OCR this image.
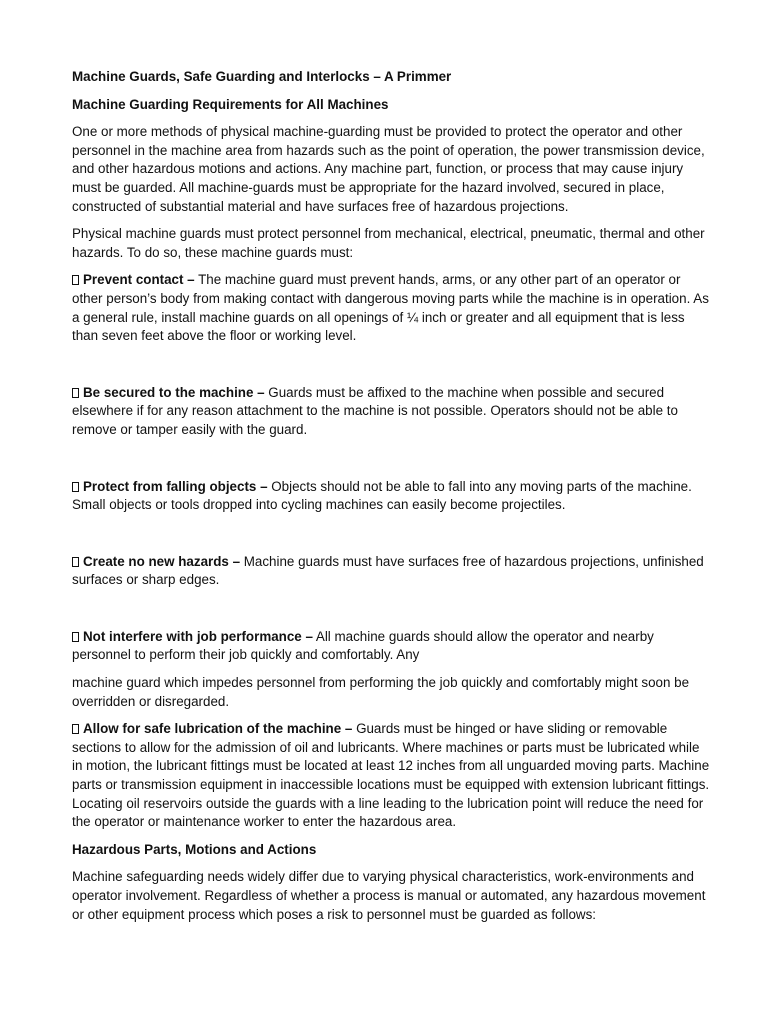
Machine Guards, Safe Guarding and Interlocks – A Primmer

Machine Guarding Requirements for All Machines

One or more methods of physical machine-guarding must be provided to protect the operator and other personnel in the machine area from hazards such as the point of operation, the power transmission device, and other hazardous motions and actions. Any machine part, function, or process that may cause injury must be guarded. All machine-guards must be appropriate for the hazard involved, secured in place, constructed of substantial material and have surfaces free of hazardous projections.

Physical machine guards must protect personnel from mechanical, electrical, pneumatic, thermal and other hazards. To do so, these machine guards must:

Prevent contact – The machine guard must prevent hands, arms, or any other part of an operator or other person’s body from making contact with dangerous moving parts while the machine is in operation. As a general rule, install machine guards on all openings of ¼ inch or greater and all equipment that is less than seven feet above the floor or working level.

Be secured to the machine – Guards must be affixed to the machine when possible and secured elsewhere if for any reason attachment to the machine is not possible. Operators should not be able to remove or tamper easily with the guard.

Protect from falling objects – Objects should not be able to fall into any moving parts of the machine. Small objects or tools dropped into cycling machines can easily become projectiles.

Create no new hazards – Machine guards must have surfaces free of hazardous projections, unfinished surfaces or sharp edges.

Not interfere with job performance – All machine guards should allow the operator and nearby personnel to perform their job quickly and comfortably. Any

machine guard which impedes personnel from performing the job quickly and comfortably might soon be overridden or disregarded.

Allow for safe lubrication of the machine – Guards must be hinged or have sliding or removable sections to allow for the admission of oil and lubricants. Where machines or parts must be lubricated while in motion, the lubricant fittings must be located at least 12 inches from all unguarded moving parts. Machine parts or transmission equipment in inaccessible locations must be equipped with extension lubricant fittings. Locating oil reservoirs outside the guards with a line leading to the lubrication point will reduce the need for the operator or maintenance worker to enter the hazardous area.

Hazardous Parts, Motions and Actions

Machine safeguarding needs widely differ due to varying physical characteristics, work-environments and operator involvement. Regardless of whether a process is manual or automated, any hazardous movement or other equipment process which poses a risk to personnel must be guarded as follows:
